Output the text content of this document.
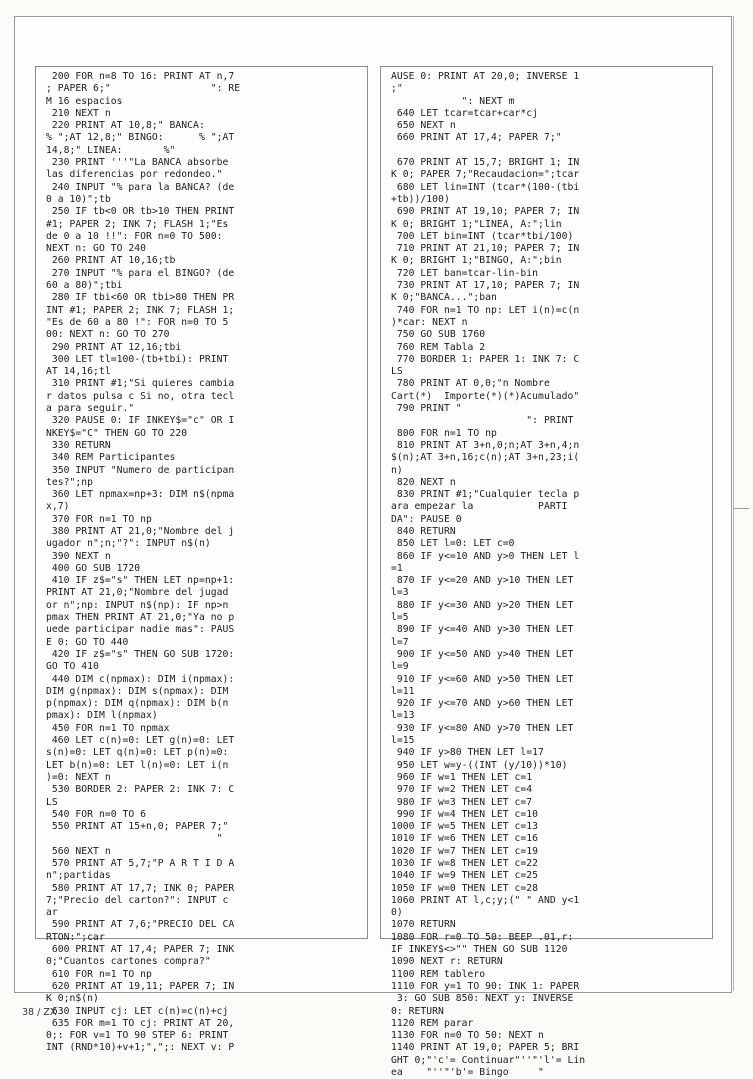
200 FOR n=8 TO 16: PRINT AT n,7
; PAPER 6;"                 ": RE
M 16 espacios
210 NEXT n
220 PRINT AT 10,8;" BANCA:
% ";AT 12,8;" BINGO:      % ";AT
14,8;" LINEA:       %"
230 PRINT '''"La BANCA absorbe
las diferencias por redondeo."
240 INPUT "% para la BANCA? (de
0 a 10)";tb
250 IF tb<0 OR tb>10 THEN PRINT
#1; PAPER 2; INK 7; FLASH 1;"Es
de 0 a 10 !!": FOR n=0 TO 500:
NEXT n: GO TO 240
260 PRINT AT 10,16;tb
270 INPUT "% para el BINGO? (de
60 a 80)";tbi
280 IF tbi<60 OR tbi>80 THEN PR
INT #1; PAPER 2; INK 7; FLASH 1;
"Es de 60 a 80 !": FOR n=0 TO 5
00: NEXT n: GO TO 270
290 PRINT AT 12,16;tbi
300 LET tl=100-(tb+tbi): PRINT
AT 14,16;tl
310 PRINT #1;"Si quieres cambia
r datos pulsa c Si no, otra tecl
a para seguir."
320 PAUSE 0: IF INKEY$="c" OR I
NKEY$="C" THEN GO TO 220
330 RETURN
340 REM Participantes
350 INPUT "Numero de participan
tes?";np
360 LET npmax=np+3: DIM n$(npma
x,7)
370 FOR n=1 TO np
380 PRINT AT 21,0;"Nombre del j
ugador n";n;"?": INPUT n$(n)
390 NEXT n
400 GO SUB 1720
410 IF z$="s" THEN LET np=np+1:
PRINT AT 21,0;"Nombre del jugad
or n";np: INPUT n$(np): IF np>n
pmax THEN PRINT AT 21,0;"Ya no p
uede participar nadie mas": PAUS
E 0: GO TO 440
420 IF z$="s" THEN GO SUB 1720:
GO TO 410
440 DIM c(npmax): DIM i(npmax):
DIM g(npmax): DIM s(npmax): DIM
p(npmax): DIM q(npmax): DIM b(n
pmax): DIM l(npmax)
450 FOR n=1 TO npmax
460 LET c(n)=0: LET g(n)=0: LET
s(n)=0: LET q(n)=0: LET p(n)=0:
LET b(n)=0: LET l(n)=0: LET i(n
)=0: NEXT n
530 BORDER 2: PAPER 2: INK 7: C
LS
540 FOR n=0 TO 6
550 PRINT AT 15+n,0; PAPER 7;"
"
560 NEXT n
570 PRINT AT 5,7;"P A R T I D A
n";partidas
580 PRINT AT 17,7; INK 0; PAPER
7;"Precio del carton?": INPUT c
ar
590 PRINT AT 7,6;"PRECIO DEL CA
RTON:";car
600 PRINT AT 17,4; PAPER 7; INK
0;"Cuantos cartones compra?"
610 FOR n=1 TO np
620 PRINT AT 19,11; PAPER 7; IN
K 0;n$(n)
630 INPUT cj: LET c(n)=c(n)+cj
635 FOR m=1 TO cj: PRINT AT 20,
0;: FOR v=1 TO 90 STEP 6: PRINT
INT (RND*10)+v+1;",";: NEXT v: P
AUSE 0: PRINT AT 20,0; INVERSE 1
;"
": NEXT m
640 LET tcar=tcar+car*cj
650 NEXT n
660 PRINT AT 17,4; PAPER 7;"
670 PRINT AT 15,7; BRIGHT 1; IN
K 0; PAPER 7;"Recaudacion=";tcar
680 LET lin=INT (tcar*(100-(tbi
+tb))/100)
690 PRINT AT 19,10; PAPER 7; IN
K 0; BRIGHT 1;"LINEA, A:";lin
700 LET bin=INT (tcar*tbi/100)
710 PRINT AT 21,10; PAPER 7; IN
K 0; BRIGHT 1;"BINGO, A:";bin
720 LET ban=tcar-lin-bin
730 PRINT AT 17,10; PAPER 7; IN
K 0;"BANCA...";ban
740 FOR n=1 TO np: LET i(n)=c(n
)*car: NEXT n
750 GO SUB 1760
760 REM Tabla 2
770 BORDER 1: PAPER 1: INK 7: C
LS
780 PRINT AT 0,0;"n Nombre
Cart(*)  Importe(*)(*)Acumulado"
790 PRINT "
": PRINT
800 FOR n=1 TO np
810 PRINT AT 3+n,0;n;AT 3+n,4;n
$(n);AT 3+n,16;c(n);AT 3+n,23;i(
n)
820 NEXT n
830 PRINT #1;"Cualquier tecla p
ara empezar la           PARTI
DA": PAUSE 0
840 RETURN
850 LET l=0: LET c=0
860 IF y<=10 AND y>0 THEN LET l
=1
870 IF y<=20 AND y>10 THEN LET
l=3
880 IF y<=30 AND y>20 THEN LET
l=5
890 IF y<=40 AND y>30 THEN LET
l=7
900 IF y<=50 AND y>40 THEN LET
l=9
910 IF y<=60 AND y>50 THEN LET
l=11
920 IF y<=70 AND y>60 THEN LET
l=13
930 IF y<=80 AND y>70 THEN LET
l=15
940 IF y>80 THEN LET l=17
950 LET w=y-((INT (y/10))*10)
960 IF w=1 THEN LET c=1
970 IF w=2 THEN LET c=4
980 IF w=3 THEN LET c=7
990 IF w=4 THEN LET c=10
1000 IF w=5 THEN LET c=13
1010 IF w=6 THEN LET c=16
1020 IF w=7 THEN LET c=19
1030 IF w=8 THEN LET c=22
1040 IF w=9 THEN LET c=25
1050 IF w=0 THEN LET c=28
1060 PRINT AT l,c;y;(" " AND y<1
0)
1070 RETURN
1080 FOR r=0 TO 50: BEEP .01,r:
IF INKEY$<>"" THEN GO SUB 1120
1090 NEXT r: RETURN
1100 REM tablero
1110 FOR y=1 TO 90: INK 1: PAPER
3: GO SUB 850: NEXT y: INVERSE
0: RETURN
1120 REM parar
1130 FOR n=0 TO 50: NEXT n
1140 PRINT AT 19,0; PAPER 5; BRI
GHT 0;"'c'= Continuar"''"'l'= Lin
ea    "''"'b'= Bingo     "
38 / ZX
